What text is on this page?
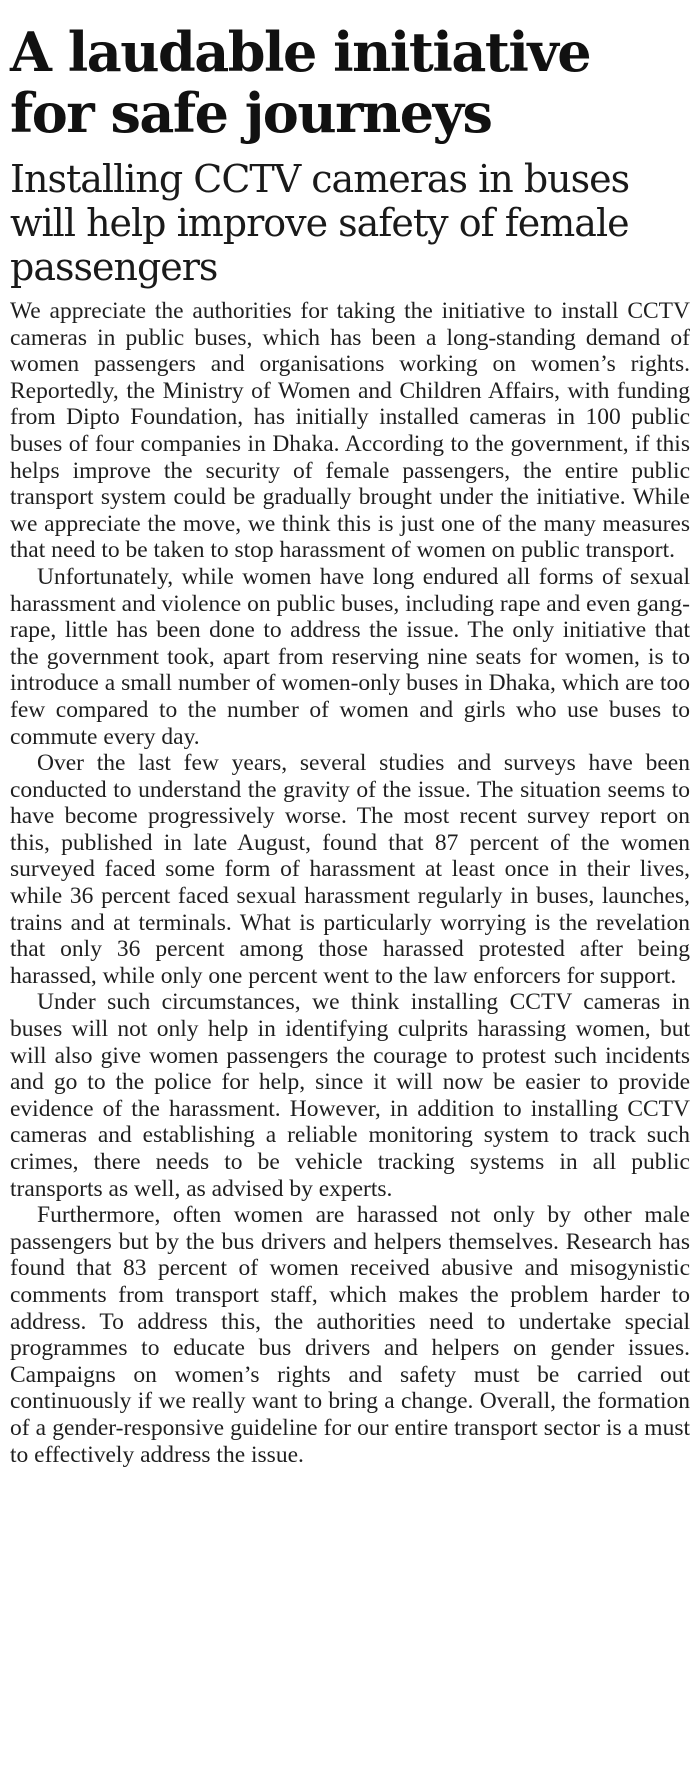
A laudable initiative for safe journeys
Installing CCTV cameras in buses will help improve safety of female passengers

We appreciate the authorities for taking the initiative to install CCTV cameras in public buses, which has been a long-standing demand of women passengers and organisations working on women’s rights. Reportedly, the Ministry of Women and Children Affairs, with funding from Dipto Foundation, has initially installed cameras in 100 public buses of four companies in Dhaka. According to the government, if this helps improve the security of female passengers, the entire public transport system could be gradually brought under the initiative. While we appreciate the move, we think this is just one of the many measures that need to be taken to stop harassment of women on public transport.

Unfortunately, while women have long endured all forms of sexual harassment and violence on public buses, including rape and even gang-rape, little has been done to address the issue. The only initiative that the government took, apart from reserving nine seats for women, is to introduce a small number of women-only buses in Dhaka, which are too few compared to the number of women and girls who use buses to commute every day.

Over the last few years, several studies and surveys have been conducted to understand the gravity of the issue. The situation seems to have become progressively worse. The most recent survey report on this, published in late August, found that 87 percent of the women surveyed faced some form of harassment at least once in their lives, while 36 percent faced sexual harassment regularly in buses, launches, trains and at terminals. What is particularly worrying is the revelation that only 36 percent among those harassed protested after being harassed, while only one percent went to the law enforcers for support.

Under such circumstances, we think installing CCTV cameras in buses will not only help in identifying culprits harassing women, but will also give women passengers the courage to protest such incidents and go to the police for help, since it will now be easier to provide evidence of the harassment. However, in addition to installing CCTV cameras and establishing a reliable monitoring system to track such crimes, there needs to be vehicle tracking systems in all public transports as well, as advised by experts.

Furthermore, often women are harassed not only by other male passengers but by the bus drivers and helpers themselves. Research has found that 83 percent of women received abusive and misogynistic comments from transport staff, which makes the problem harder to address. To address this, the authorities need to undertake special programmes to educate bus drivers and helpers on gender issues. Campaigns on women’s rights and safety must be carried out continuously if we really want to bring a change. Overall, the formation of a gender-responsive guideline for our entire transport sector is a must to effectively address the issue.
